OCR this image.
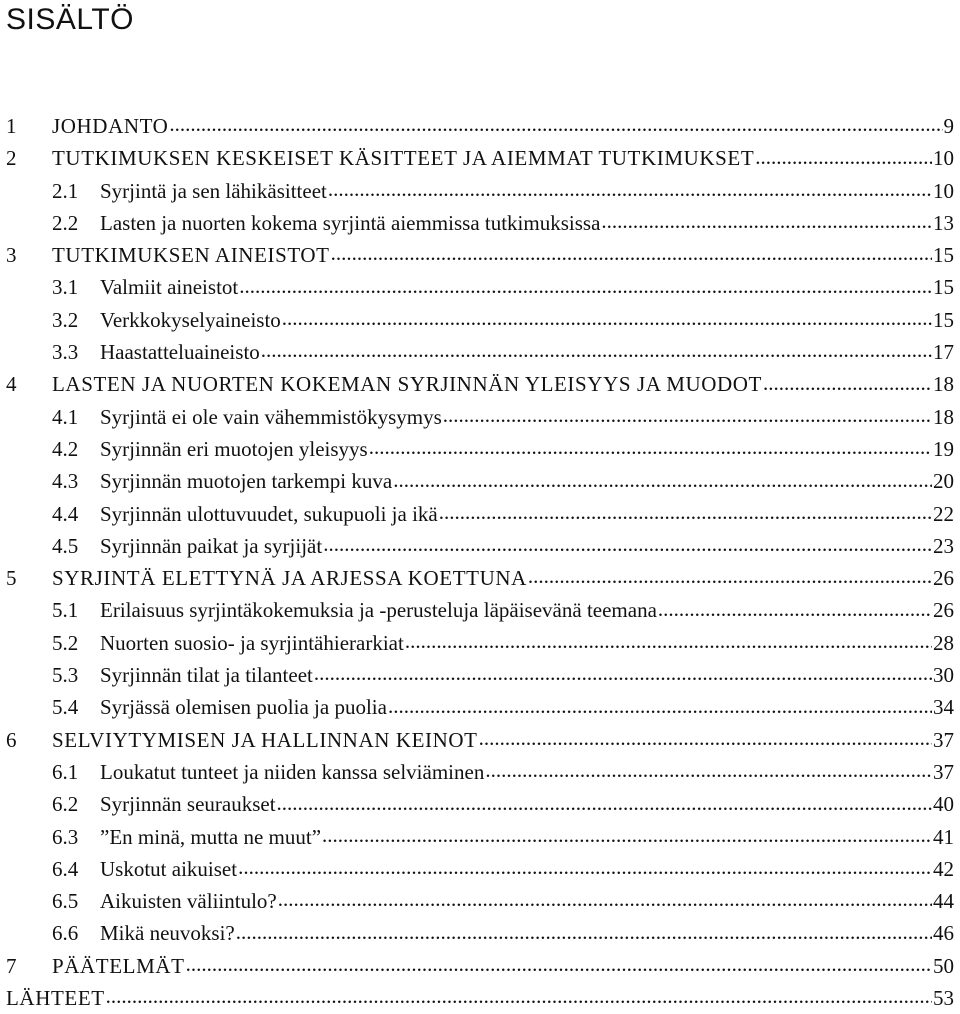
SISÄLTÖ
1	JOHDANTO .....	9
2	TUTKIMUKSEN KESKEISET KÄSITTEET JA AIEMMAT TUTKIMUKSET .....	10
2.1	Syrjintä ja sen lähikäsitteet .....	10
2.2	Lasten ja nuorten kokema syrjintä aiemmissa tutkimuksissa .....	13
3	TUTKIMUKSEN AINEISTOT .....	15
3.1	Valmiit aineistot .....	15
3.2	Verkkokyselyaineisto .....	15
3.3	Haastatteluaineisto .....	17
4	LASTEN JA NUORTEN KOKEMAN SYRJINNÄN YLEISYYS JA MUODOT .....	18
4.1	Syrjintä ei ole vain vähemmistökysymys .....	18
4.2	Syrjinnän eri muotojen yleisyys .....	19
4.3	Syrjinnän muotojen tarkempi kuva .....	20
4.4	Syrjinnän ulottuvuudet, sukupuoli ja ikä .....	22
4.5	Syrjinnän paikat ja syrjijät .....	23
5	SYRJINTÄ ELETTYNÄ JA ARJESSA KOETTUNA .....	26
5.1	Erilaisuus syrjintäkokemuksia ja -perusteluja läpäisevänä teemana .....	26
5.2	Nuorten suosio- ja syrjintähierarkiat .....	28
5.3	Syrjinnän tilat ja tilanteet .....	30
5.4	Syrjässä olemisen puolia ja puolia .....	34
6	SELVIYTYMISEN JA HALLINNAN KEINOT .....	37
6.1	Loukatut tunteet ja niiden kanssa selviäminen .....	37
6.2	Syrjinnän seuraukset .....	40
6.3	”En minä, mutta ne muut” .....	41
6.4	Uskotut aikuiset .....	42
6.5	Aikuisten väliintulo? .....	44
6.6	Mikä neuvoksi? .....	46
7	PÄÄTELMÄT .....	50
LÄHTEET .....	53
